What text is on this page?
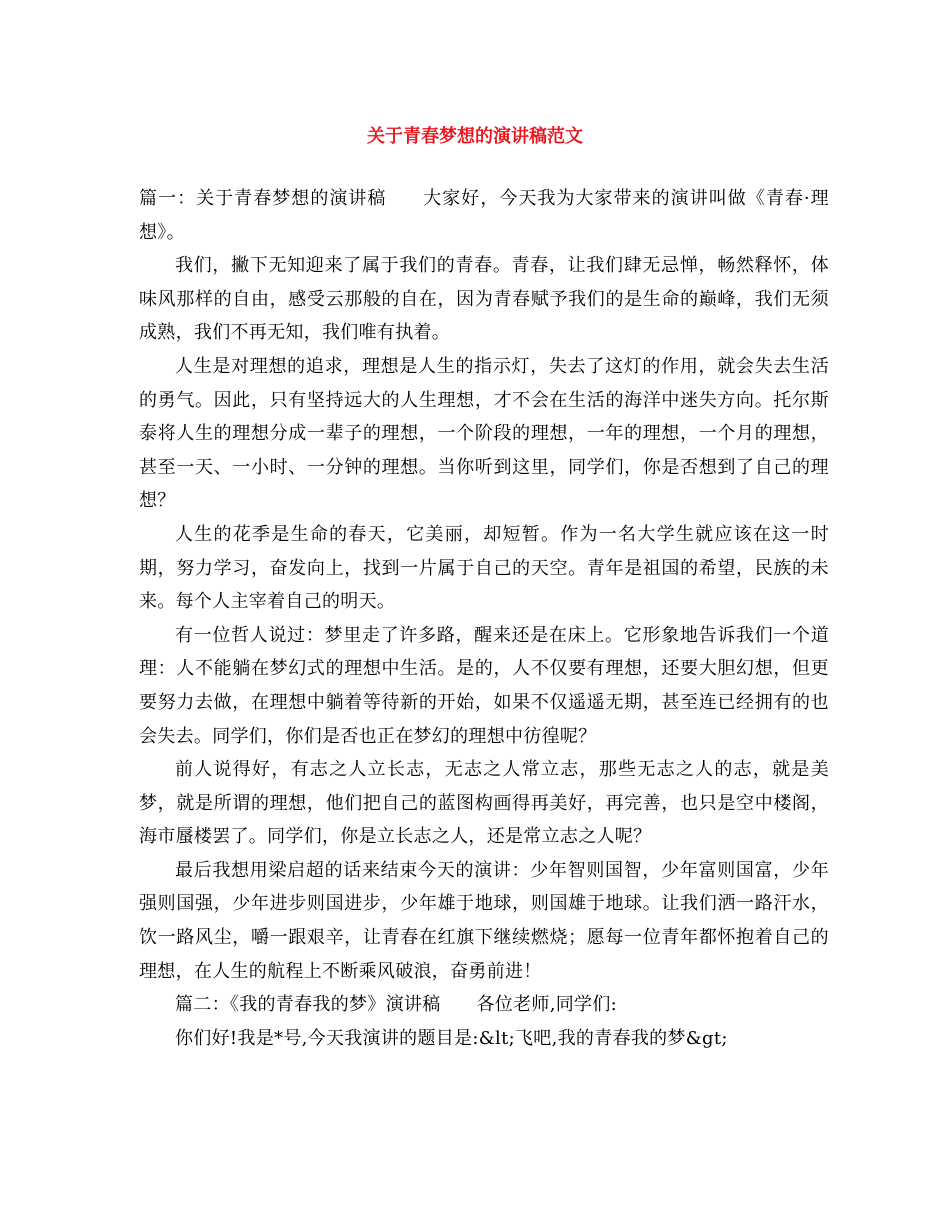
关于青春梦想的演讲稿范文

篇一：关于青春梦想的演讲稿 大家好，今天我为大家带来的演讲叫做《青春·理想》。

我们，撇下无知迎来了属于我们的青春。青春，让我们肆无忌惮，畅然释怀，体味风那样的自由，感受云那般的自在，因为青春赋予我们的是生命的巅峰，我们无须成熟，我们不再无知，我们唯有执着。

人生是对理想的追求，理想是人生的指示灯，失去了这灯的作用，就会失去生活的勇气。因此，只有坚持远大的人生理想，才不会在生活的海洋中迷失方向。托尔斯泰将人生的理想分成一辈子的理想，一个阶段的理想，一年的理想，一个月的理想，甚至一天、一小时、一分钟的理想。当你听到这里，同学们，你是否想到了自己的理想？

人生的花季是生命的春天，它美丽，却短暂。作为一名大学生就应该在这一时期，努力学习，奋发向上，找到一片属于自己的天空。青年是祖国的希望，民族的未来。每个人主宰着自己的明天。

有一位哲人说过：梦里走了许多路，醒来还是在床上。它形象地告诉我们一个道理：人不能躺在梦幻式的理想中生活。是的，人不仅要有理想，还要大胆幻想，但更要努力去做，在理想中躺着等待新的开始，如果不仅遥遥无期，甚至连已经拥有的也会失去。同学们，你们是否也正在梦幻的理想中彷徨呢？

前人说得好，有志之人立长志，无志之人常立志，那些无志之人的志，就是美梦，就是所谓的理想，他们把自己的蓝图构画得再美好，再完善，也只是空中楼阁，海市蜃楼罢了。同学们，你是立长志之人，还是常立志之人呢？

最后我想用梁启超的话来结束今天的演讲：少年智则国智，少年富则国富，少年强则国强，少年进步则国进步，少年雄于地球，则国雄于地球。让我们洒一路汗水，饮一路风尘，嚼一跟艰辛，让青春在红旗下继续燃烧；愿每一位青年都怀抱着自己的理想，在人生的航程上不断乘风破浪，奋勇前进！

篇二：《我的青春我的梦》演讲稿 各位老师,同学们:

你们好!我是*号,今天我演讲的题目是:&lt;飞吧,我的青春我的梦&gt;
